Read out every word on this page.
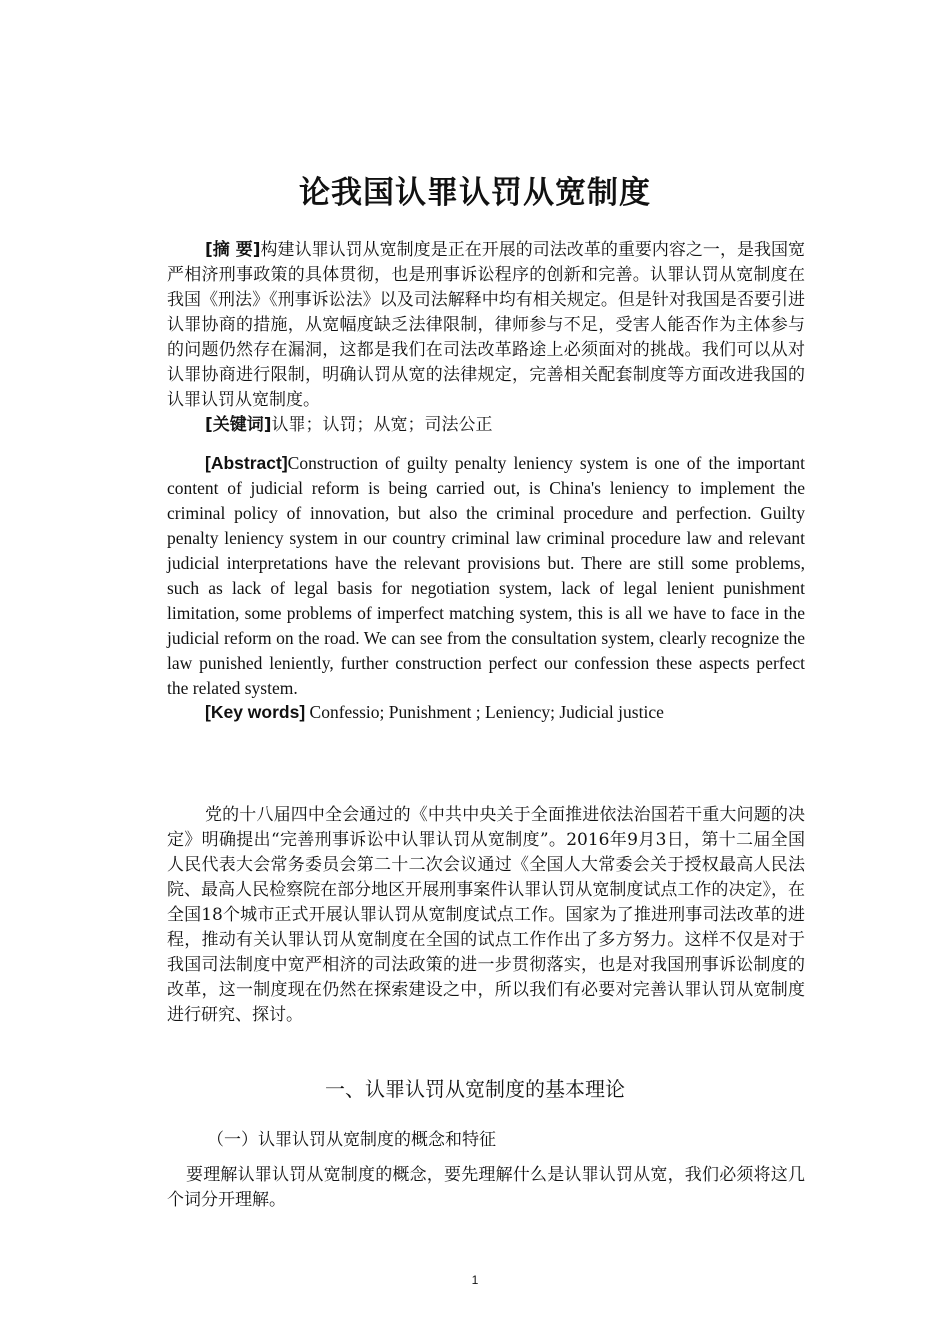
论我国认罪认罚从宽制度
[摘 要]构建认罪认罚从宽制度是正在开展的司法改革的重要内容之一，是我国宽严相济刑事政策的具体贯彻，也是刑事诉讼程序的创新和完善。认罪认罚从宽制度在我国《刑法》《刑事诉讼法》以及司法解释中均有相关规定。但是针对我国是否要引进认罪协商的措施，从宽幅度缺乏法律限制，律师参与不足，受害人能否作为主体参与的问题仍然存在漏洞，这都是我们在司法改革路途上必须面对的挑战。我们可以从对认罪协商进行限制，明确认罚从宽的法律规定，完善相关配套制度等方面改进我国的认罪认罚从宽制度。
[关键词]认罪；认罚；从宽；司法公正
[Abstract]Construction of guilty penalty leniency system is one of the important content of judicial reform is being carried out, is China's leniency to implement the criminal policy of innovation, but also the criminal procedure and perfection. Guilty penalty leniency system in our country criminal law criminal procedure law and relevant judicial interpretations have the relevant provisions but. There are still some problems, such as lack of legal basis for negotiation system, lack of legal lenient punishment limitation, some problems of imperfect matching system, this is all we have to face in the judicial reform on the road. We can see from the consultation system, clearly recognize the law punished leniently, further construction perfect our confession these aspects perfect the related system.
[Key words] Confessio; Punishment ; Leniency; Judicial justice
党的十八届四中全会通过的《中共中央关于全面推进依法治国若干重大问题的决定》明确提出“完善刑事诉讼中认罪认罚从宽制度”。2016年9月3日，第十二届全国人民代表大会常务委员会第二十二次会议通过《全国人大常委会关于授权最高人民法院、最高人民检察院在部分地区开展刑事案件认罪认罚从宽制度试点工作的决定》，在全国18个城市正式开展认罪认罚从宽制度试点工作。国家为了推进刑事司法改革的进程，推动有关认罪认罚从宽制度在全国的试点工作作出了多方努力。这样不仅是对于我国司法制度中宽严相济的司法政策的进一步贯彻落实，也是对我国刑事诉讼制度的改革，这一制度现在仍然在探索建设之中，所以我们有必要对完善认罪认罚从宽制度进行研究、探讨。
一、认罪认罚从宽制度的基本理论
（一）认罪认罚从宽制度的概念和特征
要理解认罪认罚从宽制度的概念，要先理解什么是认罪认罚从宽，我们必须将这几个词分开理解。
1
